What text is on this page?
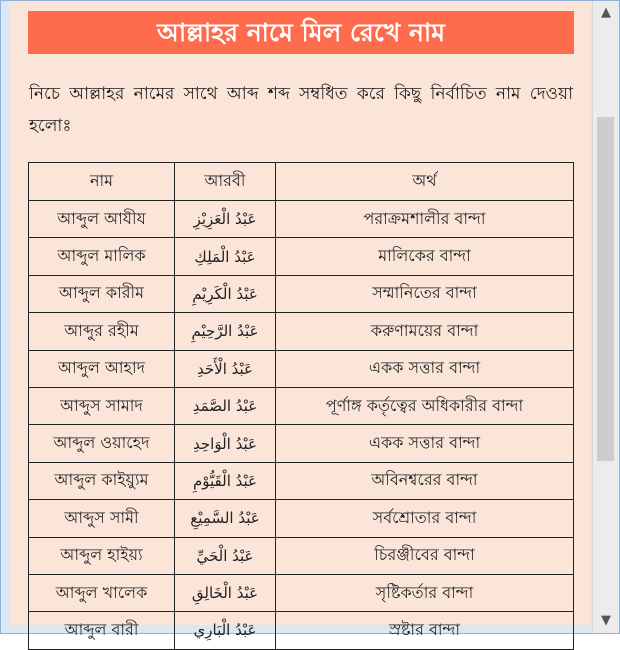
আল্লাহর নামে মিল রেখে নাম
নিচে আল্লাহর নামের সাথে আব্দ শব্দ সম্বধিত করে কিছু নির্বাচিত নাম দেওয়া হলোঃ
নাম	আরবী	অর্থ
আব্দুল আযীয	عَبْدُ الْعَزِيْزِ	পরাক্রমশালীর বান্দা
আব্দুল মালিক	عَبْدُ الْمَلِكِ	মালিকের বান্দা
আব্দুল কারীম	عَبْدُ الْكَرِيْمِ	সম্মানিতের বান্দা
আব্দুর রহীম	عَبْدُ الرَّحِيْمِ	করুণাময়ের বান্দা
আব্দুল আহাদ	عَبْدُ الْأَحَدِ	একক সত্তার বান্দা
আব্দুস সামাদ	عَبْدُ الصَّمَدِ	পূর্ণাঙ্গ কর্তৃত্বের অধিকারীর বান্দা
আব্দুল ওয়াহেদ	عَبْدُ الْوَاحِدِ	একক সত্তার বান্দা
আব্দুল কাইয়্যুম	عَبْدُ الْقَيُّوْمِ	অবিনশ্বরের বান্দা
আব্দুস সামী	عَبْدُ السَّمِيْعِ	সর্বশ্রোতার বান্দা
আব্দুল হাইয়্য	عَبْدُ الْحَيِّ	চিরঞ্জীবের বান্দা
আব্দুল খালেক	عَبْدُ الْخَالِقِ	সৃষ্টিকর্তার বান্দা
আব্দুল বারী	عَبْدُ الْبَارِي	স্রষ্টার বান্দা
▲
▼
